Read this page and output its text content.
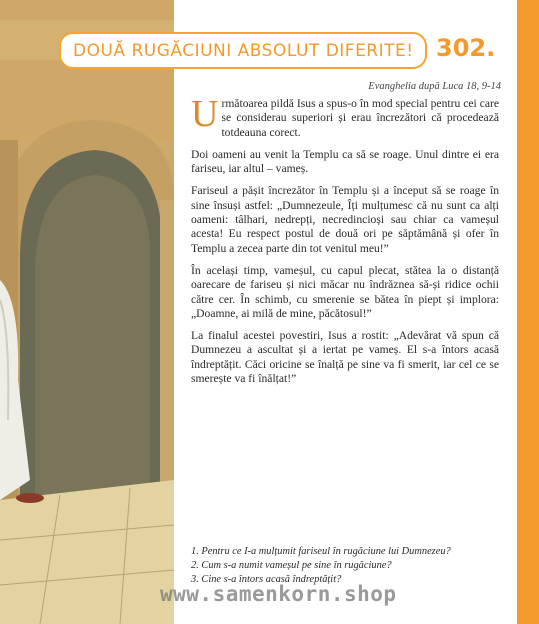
DOUĂ RUGĂCIUNI ABSOLUT DIFERITE! 302.
Evanghelia după Luca 18, 9-14

Următoarea pildă Isus a spus-o în mod special pentru cei care se considerau superiori și erau încrezători că procedează totdeauna corect.

Doi oameni au venit la Templu ca să se roage. Unul dintre ei era fariseu, iar altul – vameș.

Fariseul a pășit încrezător în Templu și a început să se roage în sine însuși astfel: „Dumnezeule, Îți mulțumesc că nu sunt ca alți oameni: tâlhari, nedrepți, necredincioși sau chiar ca vameșul acesta! Eu respect postul de două ori pe săptămână și ofer în Templu a zecea parte din tot venitul meu!”

În același timp, vameșul, cu capul plecat, stătea la o distanță oarecare de fariseu și nici măcar nu îndrăznea să-și ridice ochii către cer. În schimb, cu smerenie se bătea în piept și implora: „Doamne, ai milă de mine, păcătosul!”

La finalul acestei povestiri, Isus a rostit: „Adevărat vă spun că Dumnezeu a ascultat și a iertat pe vameș. El s-a întors acasă îndreptățit. Căci oricine se înalță pe sine va fi smerit, iar cel ce se smerește va fi înălțat!”

1. Pentru ce I-a mulțumit fariseul în rugăciune lui Dumnezeu?
2. Cum s-a numit vameșul pe sine în rugăciune?
3. Cine s-a întors acasă îndreptățit?
www.samenkorn.shop
